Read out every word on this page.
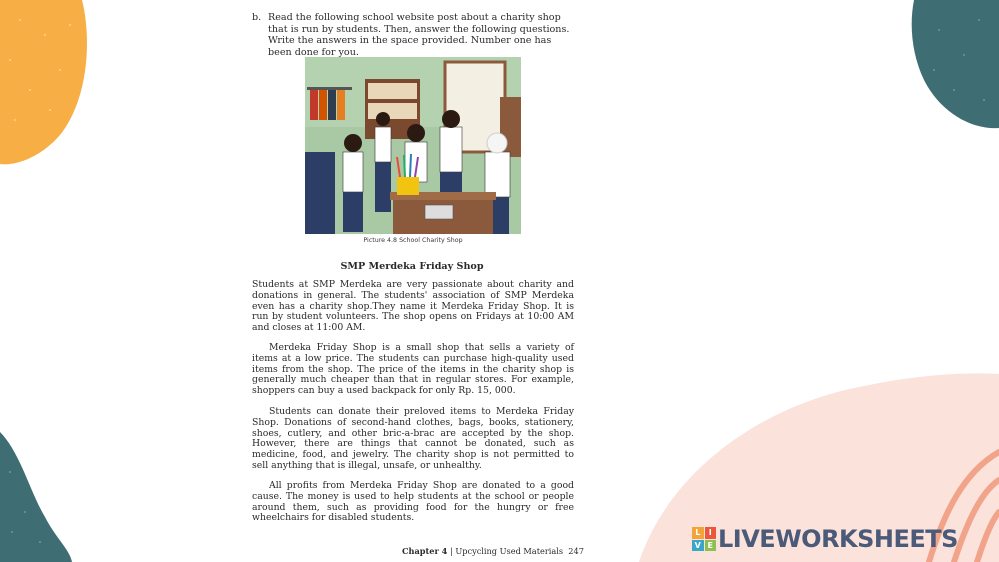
b. Read the following school website post about a charity shop that is run by students. Then, answer the following questions. Write the answers in the space provided. Number one has been done for you.
Picture 4.8 School Charity Shop
SMP Merdeka Friday Shop

Students at SMP Merdeka are very passionate about charity and donations in general. The students' association of SMP Merdeka even has a charity shop.They name it Merdeka Friday Shop. It is run by student volunteers. The shop opens on Fridays at 10:00 AM and closes at 11:00 AM.

Merdeka Friday Shop is a small shop that sells a variety of items at a low price. The students can purchase high-quality used items from the shop. The price of the items in the charity shop is generally much cheaper than that in regular stores. For example, shoppers can buy a used backpack for only Rp. 15, 000.

Students can donate their preloved items to Merdeka Friday Shop. Donations of second-hand clothes, bags, books, stationery, shoes, cutlery, and other bric-a-brac are accepted by the shop. However, there are things that cannot be donated, such as medicine, food, and jewelry. The charity shop is not permitted to sell anything that is illegal, unsafe, or unhealthy.

All profits from Merdeka Friday Shop are donated to a good cause. The money is used to help students at the school or people around them, such as providing food for the hungry or free wheelchairs for disabled students.

Chapter 4 | Upcycling Used Materials 247
L	I
V E LIVEWORKSHEETS
